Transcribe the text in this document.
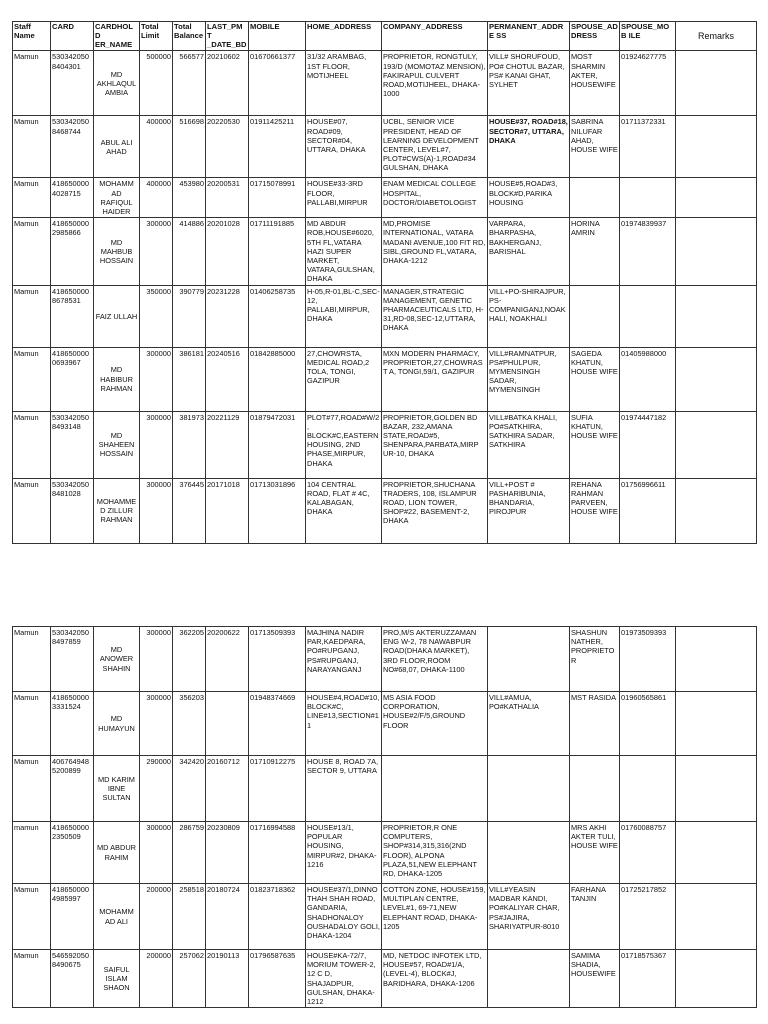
Staff Name	CARD	CARDHOLD ER_NAME	Total Limit	Total Balance	LAST_PMT _DATE_BD	MOBILE	HOME_ADDRESS	COMPANY_ADDRESS	PERMANENT_ADDRE SS	SPOUSE_AD DRESS	SPOUSE_MOB ILE	Remarks
Mamun	530342050 8404301	MD AKHLAQUL AMBIA	500000	566577	20210602	01670661377	31/32 ARAMBAG, 1ST FLOOR, MOTIJHEEL	PROPRIETOR, RONGTULY, 193/D (MOMOTAZ MENSION), FAKIRAPUL CULVERT ROAD,MOTIJHEEL, DHAKA-1000	VILL# SHORUFOUD, PO# CHOTUL BAZAR, PS# KANAI GHAT, SYLHET	MOST SHARMIN AKTER, HOUSEWIFE	01924627775	
Mamun	530342050 8468744	ABUL ALI AHAD	400000	516698	20220530	01911425211	HOUSE#07, ROAD#09, SECTOR#04, UTTARA, DHAKA	UCBL, SENIOR VICE PRESIDENT, HEAD OF LEARNING DEVELOPMENT CENTER, LEVEL#7, PLOT#CWS(A)-1,ROAD#34 GULSHAN, DHAKA	HOUSE#37, ROAD#18, SECTOR#7, UTTARA, DHAKA	SABRINA NILUFAR AHAD, HOUSE WIFE	01711372331	
Mamun	418650000 4028715	MOHAMM AD RAFIQUL HAIDER	400000	453980	20200531	01715078991	HOUSE#33-3RD FLOOR, PALLABI,MIRPUR	ENAM MEDICAL COLLEGE HOSPITAL, DOCTOR/DIABETOLOGIST	HOUSE#5,ROAD#3, BLOCK#D,PARIKA HOUSING			
Mamun	418650000 2985866	MD MAHBUB HOSSAIN	300000	414886	20201028	01711191885	MD ABDUR ROB,HOUSE#6020, 5TH FL,VATARA HAZI SUPER MARKET, VATARA,GULSHAN, DHAKA	MD,PROMISE INTERNATIONAL, VATARA MADANI AVENUE,100 FIT RD, SIBL,GROUND FL,VATARA, DHAKA-1212	VARPARA, BHARPASHA, BAKHERGANJ, BARISHAL	HORINA AMRIN	01974839937	
Mamun	418650000 8678531	FAIZ ULLAH	350000	390779	20231228	01406258735	H-05,R-01,BL-C,SEC-12, PALLABI,MIRPUR, DHAKA	MANAGER,STRATEGIC MANAGEMENT, GENETIC PHARMACEUTICALS LTD, H-31,RD-08,SEC-12,UTTARA, DHAKA	VILL+PO-SHIRAJPUR, PS-COMPANIGANJ,NOAK HALI, NOAKHALI			
Mamun	418650000 0693967	MD HABIBUR RAHMAN	300000	386181	20240516	01842885000	27,CHOWRSTA, MEDICAL ROAD,2 TOLA, TONGI, GAZIPUR	MXN MODERN PHARMACY, PROPRIETOR,27,CHOWRAST A, TONGI,59/1, GAZIPUR	VILL#RAMNATPUR, PS#PHULPUR, MYMENSINGH SADAR, MYMENSINGH	SAGEDA KHATUN, HOUSE WIFE	01405988000	
Mamun	530342050 8493148	MD SHAHEEN HOSSAIN	300000	381973	20221129	01879472031	PLOT#77,ROAD#W/2 , BLOCK#C,EASTERN HOUSING, 2ND PHASE,MIRPUR, DHAKA	PROPRIETOR,GOLDEN BD BAZAR, 232,AMANA STATE,ROAD#5, SHENPARA,PARBATA,MIRP UR-10, DHAKA	VILL#BATKA KHALI, PO#SATKHIRA, SATKHIRA SADAR, SATKHIRA	SUFIA KHATUN, HOUSE WIFE	01974447182	
Mamun	530342050 8481028	MOHAMME D ZILLUR RAHMAN	300000	376445	20171018	01713031896	104 CENTRAL ROAD, FLAT # 4C, KALABAGAN, DHAKA	PROPRIETOR,SHUCHANA TRADERS, 108, ISLAMPUR ROAD, LION TOWER, SHOP#22, BASEMENT-2, DHAKA	VILL+POST # PASHARIBUNIA, BHANDARIA, PIROJPUR	REHANA RAHMAN PARVEEN, HOUSE WIFE	01756996611	
Mamun	530342050 8497859	MD ANOWER SHAHIN	300000	362205	20200622	01713509393	MAJHINA NADIR PAR,KAEDPARA, PO#RUPGANJ, PS#RUPGANJ, NARAYANGANJ	PRO,M/S AKTERUZZAMAN ENG W-2, 78 NAWABPUR ROAD(DHAKA MARKET), 3RD FLOOR,ROOM NO#68,07, DHAKA-1100		SHASHUN NATHER, PROPRIETOR	01973509393	
Mamun	418650000 3331524	MD HUMAYUN	300000	356203		01948374669	HOUSE#4,ROAD#10, BLOCK#C, LINE#13,SECTION#1 1	MS ASIA FOOD CORPORATION, HOUSE#2/F/5,GROUND FLOOR	VILL#AMUA, PO#KATHALIA	MST RASIDA	01960565861	
Mamun	406764948 5200899	MD KARIM IBNE SULTAN	290000	342420	20160712	01710912275	HOUSE 8, ROAD 7A, SECTOR 9, UTTARA					
mamun	418650000 2350509	MD ABDUR RAHIM	300000	286759	20230809	01716994588	HOUSE#13/1, POPULAR HOUSING, MIRPUR#2, DHAKA-1216	PROPRIETOR,R ONE COMPUTERS, SHOP#314,315,316(2ND FLOOR), ALPONA PLAZA,51,NEW ELEPHANT RD, DHAKA-1205		MRS AKHI AKTER TULI, HOUSE WIFE	01760088757	
Mamun	418650000 4985997	MOHAMM AD ALI	200000	258518	20180724	01823718362	HOUSE#37/1,DINNO THAH SHAH ROAD, GANDARIA, SHADHONALOY OUSHADALOY GOLI, DHAKA-1204	COTTON ZONE, HOUSE#159, MULTIPLAN CENTRE, LEVEL#1, 69-71,NEW ELEPHANT ROAD, DHAKA-1205	VILL#YEASIN MADBAR KANDI, PO#KALIYAR CHAR, PS#JAJIRA, SHARIYATPUR-8010	FARHANA TANJIN	01725217852	
Mamun	546592050 8490675	SAIFUL ISLAM SHAON	200000	257062	20190113	01796587635	HOUSE#KA-72/7, MORIUM TOWER-2, 12 C D, SHAJADPUR, GULSHAN, DHAKA-1212	MD, NETDOC INFOTEK LTD, HOUSE#57, ROAD#1/A, (LEVEL-4), BLOCK#J, BARIDHARA, DHAKA-1206		SAMIMA SHADIA, HOUSEWIFE	01718575367	
